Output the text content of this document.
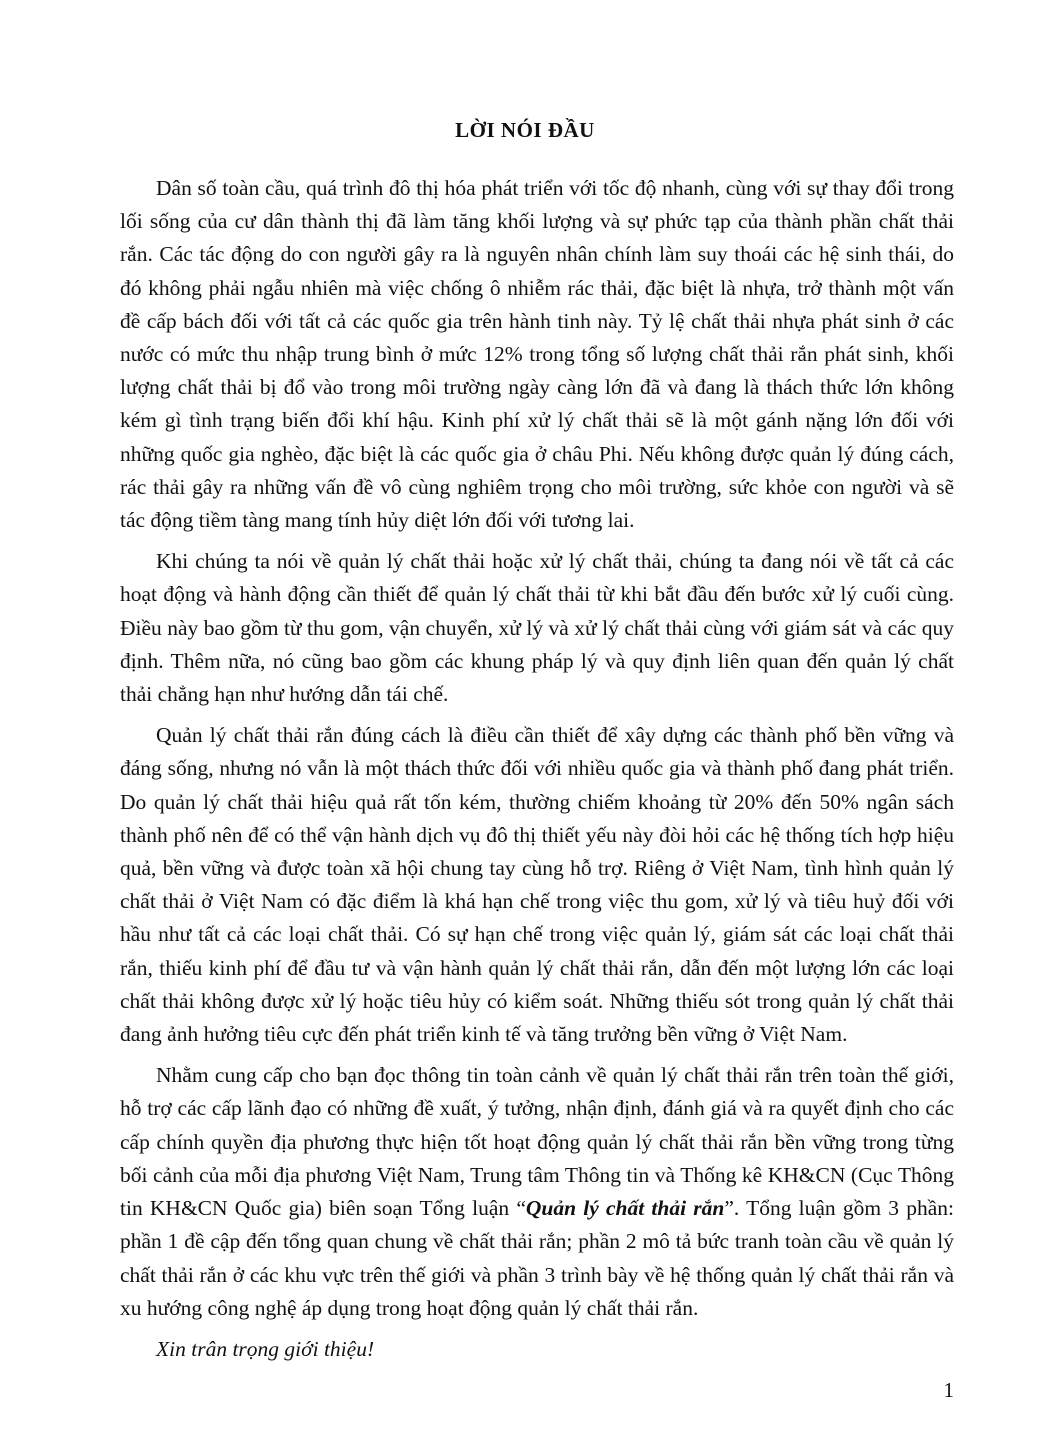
LỜI NÓI ĐẦU

Dân số toàn cầu, quá trình đô thị hóa phát triển với tốc độ nhanh, cùng với sự thay đổi trong lối sống của cư dân thành thị đã làm tăng khối lượng và sự phức tạp của thành phần chất thải rắn. Các tác động do con người gây ra là nguyên nhân chính làm suy thoái các hệ sinh thái, do đó không phải ngẫu nhiên mà việc chống ô nhiễm rác thải, đặc biệt là nhựa, trở thành một vấn đề cấp bách đối với tất cả các quốc gia trên hành tinh này. Tỷ lệ chất thải nhựa phát sinh ở các nước có mức thu nhập trung bình ở mức 12% trong tổng số lượng chất thải rắn phát sinh, khối lượng chất thải bị đổ vào trong môi trường ngày càng lớn đã và đang là thách thức lớn không kém gì tình trạng biến đổi khí hậu. Kinh phí xử lý chất thải sẽ là một gánh nặng lớn đối với những quốc gia nghèo, đặc biệt là các quốc gia ở châu Phi. Nếu không được quản lý đúng cách, rác thải gây ra những vấn đề vô cùng nghiêm trọng cho môi trường, sức khỏe con người và sẽ tác động tiềm tàng mang tính hủy diệt lớn đối với tương lai.

Khi chúng ta nói về quản lý chất thải hoặc xử lý chất thải, chúng ta đang nói về tất cả các hoạt động và hành động cần thiết để quản lý chất thải từ khi bắt đầu đến bước xử lý cuối cùng. Điều này bao gồm từ thu gom, vận chuyển, xử lý và xử lý chất thải cùng với giám sát và các quy định. Thêm nữa, nó cũng bao gồm các khung pháp lý và quy định liên quan đến quản lý chất thải chẳng hạn như hướng dẫn tái chế.

Quản lý chất thải rắn đúng cách là điều cần thiết để xây dựng các thành phố bền vững và đáng sống, nhưng nó vẫn là một thách thức đối với nhiều quốc gia và thành phố đang phát triển. Do quản lý chất thải hiệu quả rất tốn kém, thường chiếm khoảng từ 20% đến 50% ngân sách thành phố nên để có thể vận hành dịch vụ đô thị thiết yếu này đòi hỏi các hệ thống tích hợp hiệu quả, bền vững và được toàn xã hội chung tay cùng hỗ trợ. Riêng ở Việt Nam, tình hình quản lý chất thải ở Việt Nam có đặc điểm là khá hạn chế trong việc thu gom, xử lý và tiêu huỷ đối với hầu như tất cả các loại chất thải. Có sự hạn chế trong việc quản lý, giám sát các loại chất thải rắn, thiếu kinh phí để đầu tư và vận hành quản lý chất thải rắn, dẫn đến một lượng lớn các loại chất thải không được xử lý hoặc tiêu hủy có kiểm soát. Những thiếu sót trong quản lý chất thải đang ảnh hưởng tiêu cực đến phát triển kinh tế và tăng trưởng bền vững ở Việt Nam.

Nhằm cung cấp cho bạn đọc thông tin toàn cảnh về quản lý chất thải rắn trên toàn thế giới, hỗ trợ các cấp lãnh đạo có những đề xuất, ý tưởng, nhận định, đánh giá và ra quyết định cho các cấp chính quyền địa phương thực hiện tốt hoạt động quản lý chất thải rắn bền vững trong từng bối cảnh của mỗi địa phương Việt Nam, Trung tâm Thông tin và Thống kê KH&CN (Cục Thông tin KH&CN Quốc gia) biên soạn Tổng luận “Quản lý chất thải rắn”. Tổng luận gồm 3 phần: phần 1 đề cập đến tổng quan chung về chất thải rắn; phần 2 mô tả bức tranh toàn cầu về quản lý chất thải rắn ở các khu vực trên thế giới và phần 3 trình bày về hệ thống quản lý chất thải rắn và xu hướng công nghệ áp dụng trong hoạt động quản lý chất thải rắn.

Xin trân trọng giới thiệu!

1
